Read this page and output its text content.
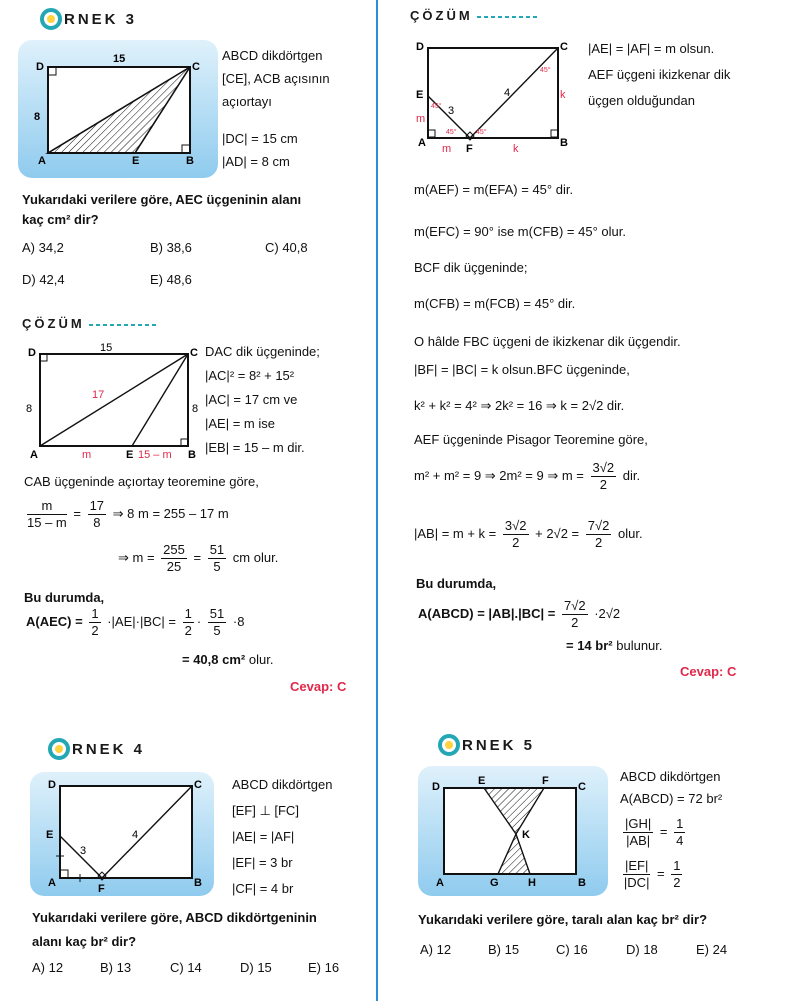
RNEK 3
D	C
A	E	B
15
8
ABCD dikdörtgen
[CE], ACB açısının
açıortayı
|DC| = 15 cm
|AD| = 8 cm
Yukarıdaki verilere göre, AEC üçgeninin alanı
kaç cm² dir?
A) 34,2	B) 38,6	C) 40,8
D) 42,4	E) 48,6
ÇÖZÜM
D	C
A	E	B
15
8	8
17
m	15 – m
DAC dik üçgeninde;
|AC|² = 8² + 15²
|AC| = 17 cm ve
|AE| = m ise
|EB| = 15 – m dir.
CAB üçgeninde açıortay teoremine göre,
$\frac{m}{15 - m} = \frac{17}{8}$ ⇒ 8 m = 255 – 17 m
⇒ $m = \frac{255}{25} = \frac{51}{5}$ cm olur.
Bu durumda,
$A(AEC) = \frac{1}{2} \cdot|AE|\cdot|BC| = \frac{1}{2} \cdot \frac{51}{5} \cdot 8$
= 40,8 cm² olur.
Cevap: C
ÇÖZÜM
D	C
E
A	F	B
3
4
m
k
m	k
45°
45°	45°
45°
|AE| = |AF| = m olsun.
AEF üçgeni ikizkenar dik
üçgen olduğundan
m(AEF) = m(EFA) = 45° dir.
m(EFC) = 90° ise m(CFB) = 45° olur.
BCF dik üçgeninde;
m(CFB) = m(FCB) = 45° dir.
O hâlde FBC üçgeni de ikizkenar dik üçgendir.
|BF| = |BC| = k olsun.BFC üçgeninde,
k² + k² = 4² ⇒ 2k² = 16 ⇒ k = 2√2 dir.
AEF üçgeninde Pisagor Teoremine göre,
m² + m² = 9 ⇒ 2m² = 9 ⇒ $m = \frac{3√2}{2}$ dir.
$|AB| = m + k = \frac{3√2}{2} + 2√2 = \frac{7√2}{2}$ olur.
Bu durumda,
A(ABCD) = $|AB|.|BC| = \frac{7√2}{2} \cdot 2√2$
= 14 br² bulunur.
Cevap: C
RNEK 4
D	C
E
A	F	B
3
4
ABCD dikdörtgen
[EF] ⊥ [FC]
|AE| = |AF|
|EF| = 3 br
|CF| = 4 br
Yukarıdaki verilere göre, ABCD dikdörtgeninin
alanı kaç br² dir?
A) 12	B) 13	C) 14	D) 15	E) 16
RNEK 5
D	E	F	C
K
A	G	H	B
ABCD dikdörtgen
A(ABCD) = 72 br²
$\frac{|GH|}{|AB|} = \frac{1}{4}$
$\frac{|EF|}{|DC|} = \frac{1}{2}$
Yukarıdaki verilere göre, taralı alan kaç br² dir?
A) 12	B) 15	C) 16	D) 18	E) 24
